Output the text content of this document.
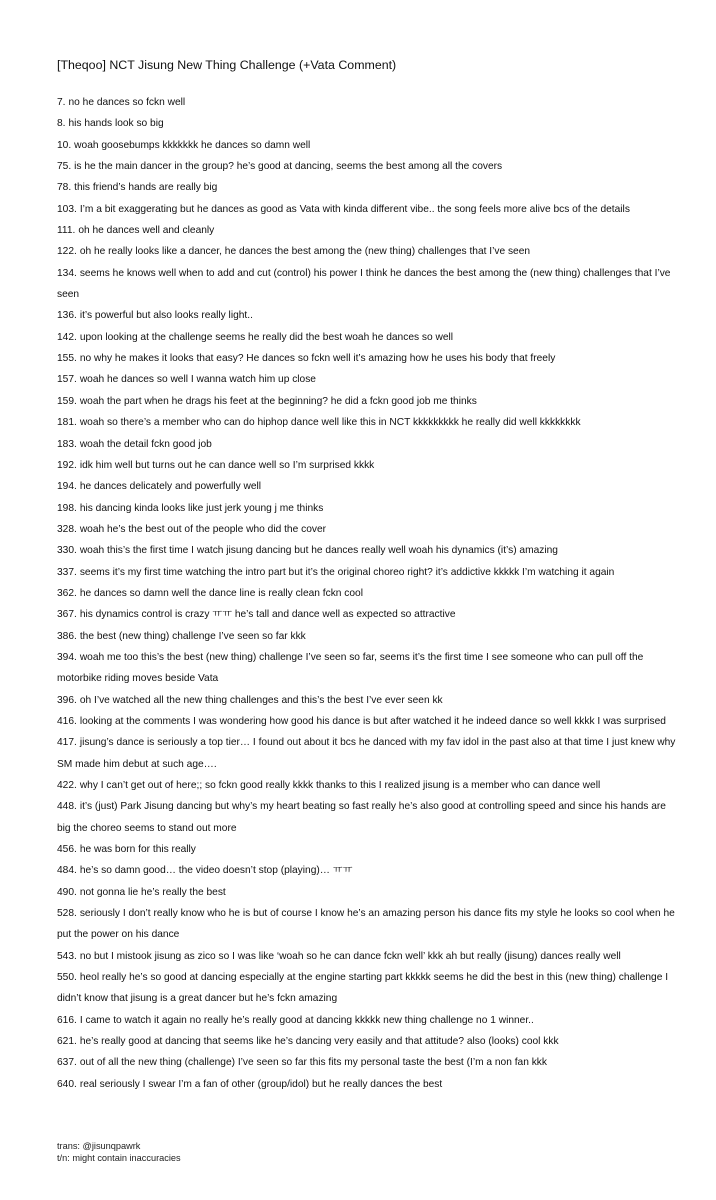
[Theqoo] NCT Jisung New Thing Challenge (+Vata Comment)
7. no he dances so fckn well
8. his hands look so big
10. woah goosebumps kkkkkkk he dances so damn well
75. is he the main dancer in the group? he’s good at dancing, seems the best among all the covers
78. this friend’s hands are really big
103. I’m a bit exaggerating but he dances as good as Vata with kinda different vibe.. the song feels more alive bcs of the details
111. oh he dances well and cleanly
122. oh he really looks like a dancer, he dances the best among the (new thing) challenges that I’ve seen
134. seems he knows well when to add and cut (control) his power I think he dances the best among the (new thing) challenges that I’ve seen
136. it’s powerful but also looks really light..
142. upon looking at the challenge seems he really did the best woah he dances so well
155. no why he makes it looks that easy? He dances so fckn well it’s amazing how he uses his body that freely
157. woah he dances so well I wanna watch him up close
159. woah the part when he drags his feet at the beginning? he did a fckn good job me thinks
181. woah so there’s a member who can do hiphop dance well like this in NCT kkkkkkkkk he really did well kkkkkkkk
183. woah the detail fckn good job
192. idk him well but turns out he can dance well so I’m surprised kkkk
194. he dances delicately and powerfully well
198. his dancing kinda looks like just jerk young j me thinks
328. woah he’s the best out of the people who did the cover
330. woah this’s the first time I watch jisung dancing but he dances really well woah his dynamics (it’s) amazing
337. seems it’s my first time watching the intro part but it’s the original choreo right? it’s addictive kkkkk I’m watching it again
362. he dances so damn well the dance line is really clean fckn cool
367. his dynamics control is crazy ㅠㅠ he’s tall and dance well as expected so attractive
386. the best (new thing) challenge I’ve seen so far kkk
394. woah me too this’s the best (new thing) challenge I’ve seen so far, seems it’s the first time I see someone who can pull off the motorbike riding moves beside Vata
396. oh I’ve watched all the new thing challenges and this’s the best I’ve ever seen kk
416. looking at the comments I was wondering how good his dance is but after watched it he indeed dance so well kkkk I was surprised
417. jisung’s dance is seriously a top tier… I found out about it bcs he danced with my fav idol in the past also at that time I just knew why SM made him debut at such age….
422. why I can’t get out of here;; so fckn good really kkkk thanks to this I realized jisung is a member who can dance well
448. it’s (just) Park Jisung dancing but why’s my heart beating so fast really he’s also good at controlling speed and since his hands are big the choreo seems to stand out more
456. he was born for this really
484. he’s so damn good… the video doesn’t stop (playing)… ㅠㅠ
490. not gonna lie he’s really the best
528. seriously I don’t really know who he is but of course I know he’s an amazing person his dance fits my style he looks so cool when he put the power on his dance
543. no but I mistook jisung as zico so I was like ‘woah so he can dance fckn well’ kkk ah but really (jisung) dances really well
550. heol really he’s so good at dancing especially at the engine starting part kkkkk seems he did the best in this (new thing) challenge I didn’t know that jisung is a great dancer but he’s fckn amazing
616. I came to watch it again no really he’s really good at dancing kkkkk new thing challenge no 1 winner..
621. he’s really good at dancing that seems like he’s dancing very easily and that attitude? also (looks) cool kkk
637. out of all the new thing (challenge) I’ve seen so far this fits my personal taste the best (I’m a non fan kkk
640. real seriously I swear I’m a fan of other (group/idol) but he really dances the best
trans: @jisunqpawrk
t/n: might contain inaccuracies
